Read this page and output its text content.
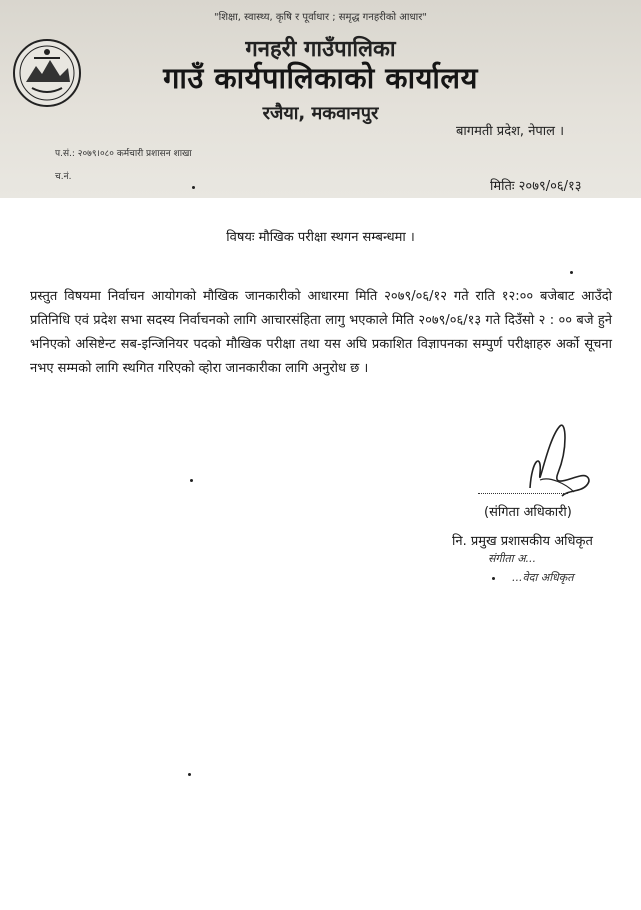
"शिक्षा, स्वास्थ्य, कृषि र पूर्वाधार ; समृद्ध गनहरीको आधार"
गनहरी गाउँपालिका
गाउँ कार्यपालिकाको कार्यालय
रजैया, मकवानपुर
बागमती प्रदेश, नेपाल ।
प.सं.: २०७९।०८० कर्मचारी प्रशासन शाखा
च.नं.
मितिः २०७९/०६/१३
विषयः मौखिक परीक्षा स्थगन सम्बन्धमा ।
प्रस्तुत विषयमा निर्वाचन आयोगको मौखिक जानकारीको आधारमा मिति २०७९/०६/१२ गते राति १२:०० बजेबाट आउँदो प्रतिनिधि एवं प्रदेश सभा सदस्य निर्वाचनको लागि आचारसंहिता लागु भएकाले मिति २०७९/०६/१३ गते दिउँसो २ : ०० बजे हुने भनिएको असिष्टेन्ट सब-इन्जिनियर पदको मौखिक परीक्षा तथा यस अघि प्रकाशित विज्ञापनका सम्पुर्ण परीक्षाहरु अर्को सूचना नभए सम्मको लागि स्थगित गरिएको व्होरा जानकारीका लागि अनुरोध छ ।
(संगिता अधिकारी)
नि. प्रमुख प्रशासकीय अधिकृत
संगीता अ...
...वेदा अधिकृत
